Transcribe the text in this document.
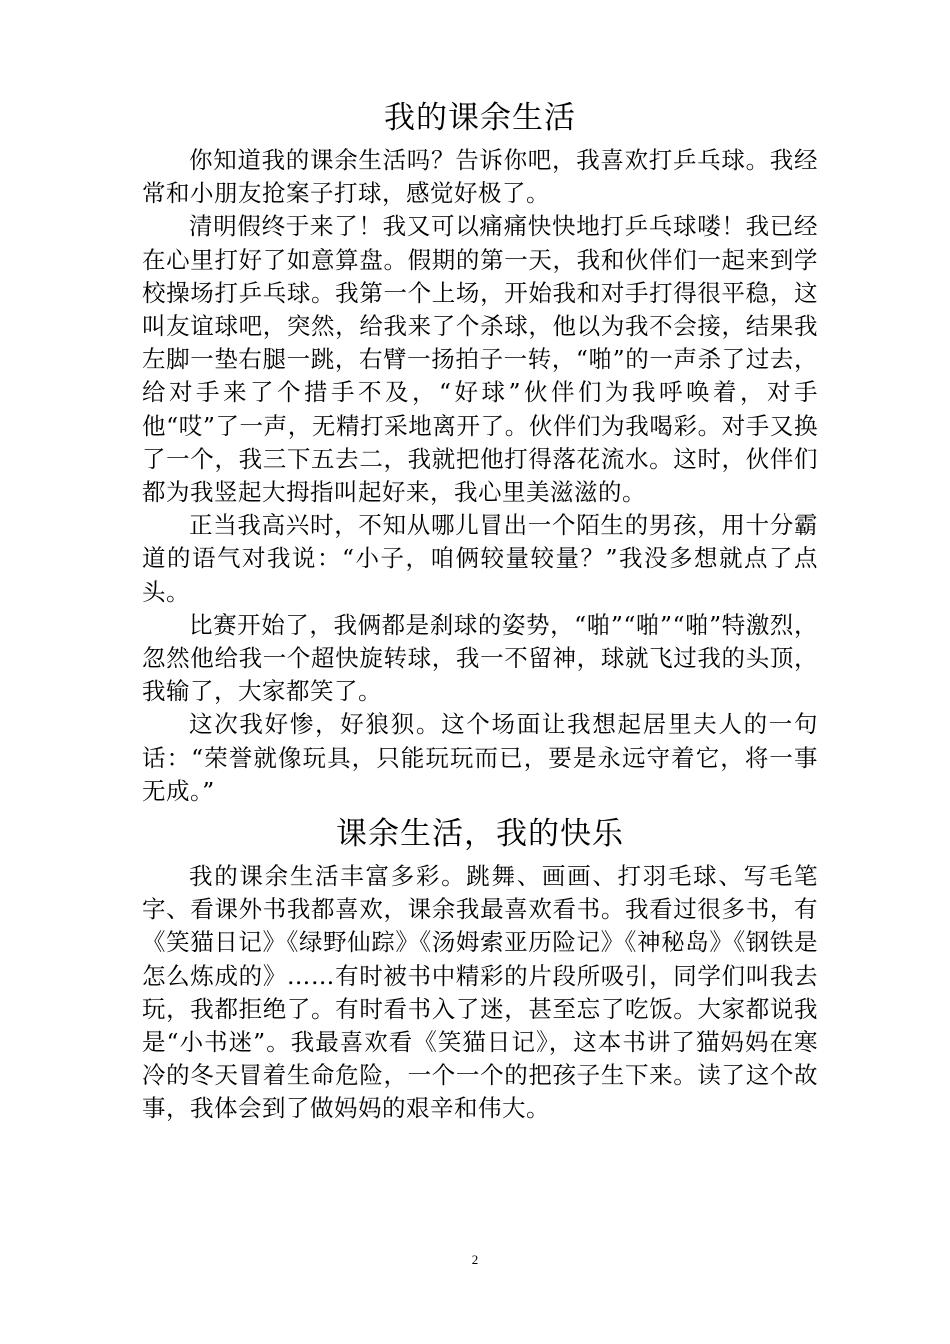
我的课余生活

你知道我的课余生活吗？告诉你吧，我喜欢打乒乓球。我经常和小朋友抢案子打球，感觉好极了。

清明假终于来了！我又可以痛痛快快地打乒乓球喽！我已经在心里打好了如意算盘。假期的第一天，我和伙伴们一起来到学校操场打乒乓球。我第一个上场，开始我和对手打得很平稳，这叫友谊球吧，突然，给我来了个杀球，他以为我不会接，结果我左脚一垫右腿一跳，右臂一扬拍子一转，“啪”的一声杀了过去，给对手来了个措手不及，“好球”伙伴们为我呼唤着，对手他“哎”了一声，无精打采地离开了。伙伴们为我喝彩。对手又换了一个，我三下五去二，我就把他打得落花流水。这时，伙伴们都为我竖起大拇指叫起好来，我心里美滋滋的。

正当我高兴时，不知从哪儿冒出一个陌生的男孩，用十分霸道的语气对我说：“小子，咱俩较量较量？”我没多想就点了点头。

比赛开始了，我俩都是刹球的姿势，“啪”“啪”“啪”特激烈，忽然他给我一个超快旋转球，我一不留神，球就飞过我的头顶，我输了，大家都笑了。

这次我好惨，好狼狈。这个场面让我想起居里夫人的一句话：“荣誉就像玩具，只能玩玩而已，要是永远守着它，将一事无成。”

课余生活，我的快乐

我的课余生活丰富多彩。跳舞、画画、打羽毛球、写毛笔字、看课外书我都喜欢，课余我最喜欢看书。我看过很多书，有《笑猫日记》《绿野仙踪》《汤姆索亚历险记》《神秘岛》《钢铁是怎么炼成的》……有时被书中精彩的片段所吸引，同学们叫我去玩，我都拒绝了。有时看书入了迷，甚至忘了吃饭。大家都说我是“小书迷”。我最喜欢看《笑猫日记》，这本书讲了猫妈妈在寒冷的冬天冒着生命危险，一个一个的把孩子生下来。读了这个故事，我体会到了做妈妈的艰辛和伟大。

2
